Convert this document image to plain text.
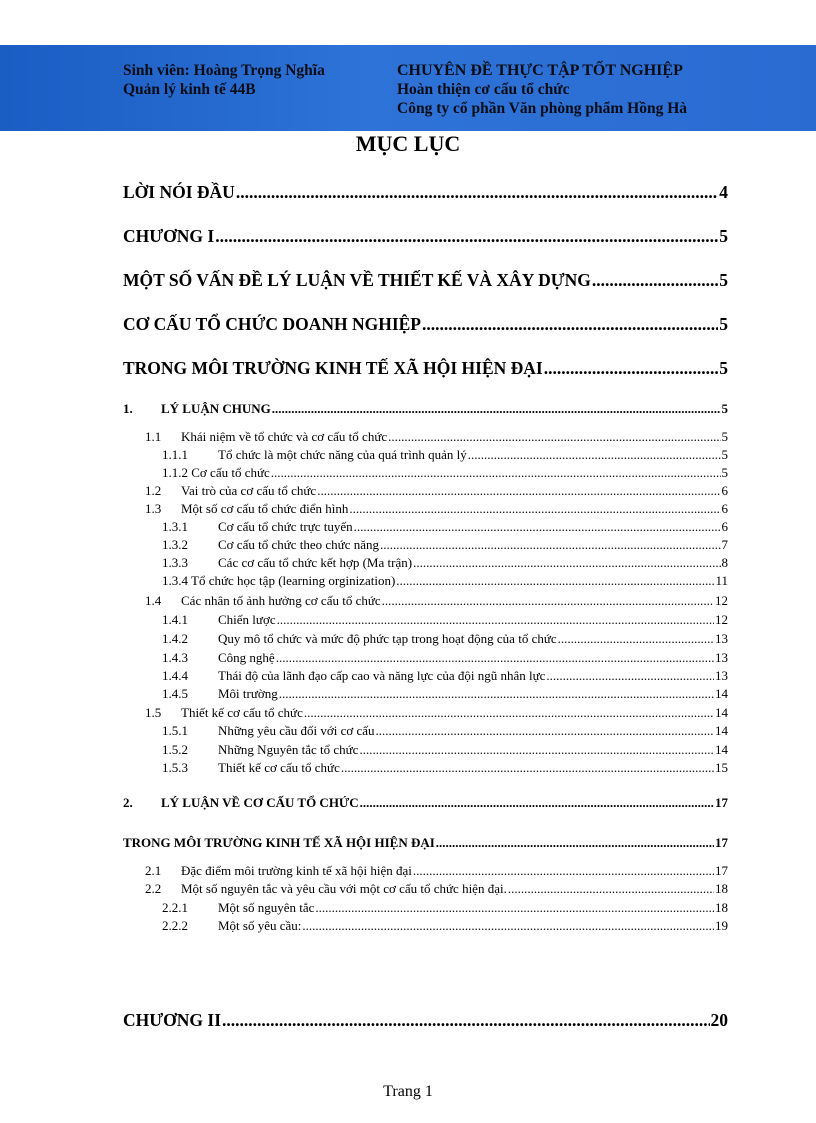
Sinh viên: Hoàng Trọng Nghĩa
Quản lý kinh tế 44B
CHUYÊN ĐỀ THỰC TẬP TỐT NGHIỆP
Hoàn thiện cơ cấu tổ chức
Công ty cổ phần Văn phòng phẩm Hồng Hà
MỤC LỤC
LỜI NÓI ĐẦU .....	4
CHƯƠNG I .....	5
MỘT SỐ VẤN ĐỀ LÝ LUẬN VỀ THIẾT KẾ VÀ XÂY DỰNG .....	5
CƠ CẤU TỔ CHỨC DOANH NGHIỆP .....	5
TRONG MÔI TRƯỜNG KINH TẾ XÃ HỘI HIỆN ĐẠI .....	5
1.	LÝ LUẬN CHUNG .....	5
1.1	Khái niệm về tổ chức và cơ cấu tổ chức .....	5
1.1.1	Tổ chức là một chức năng của quá trình quản lý .....	5
1.1.2 Cơ cấu tổ chức .....	5
1.2	Vai trò của cơ cấu tổ chức .....	6
1.3	Một số cơ cấu tổ chức điển hình .....	6
1.3.1	Cơ cấu tổ chức trực tuyến .....	6
1.3.2	Cơ cấu tổ chức theo chức năng .....	7
1.3.3	Các cơ cấu tổ chức kết hợp (Ma trận) .....	8
1.3.4 Tổ chức học tập (learning orginization) .....	11
1.4	Các nhân tố ảnh hưởng cơ cấu tổ chức .....	12
1.4.1	Chiến lược .....	12
1.4.2	Quy mô tổ chức và mức độ phức tạp trong hoạt động của tổ chức .....	13
1.4.3	Công nghệ .....	13
1.4.4	Thái độ của lãnh đạo cấp cao và năng lực của đội ngũ nhân lực .....	13
1.4.5	Môi trường .....	14
1.5	Thiết kế cơ cấu tổ chức .....	14
1.5.1	Những yêu cầu đối với cơ cấu .....	14
1.5.2	Những Nguyên tắc tổ chức .....	14
1.5.3	Thiết kế cơ cấu tổ chức .....	15
2.	LÝ LUẬN VỀ CƠ CẤU TỔ CHỨC .....	17
TRONG MÔI TRƯỜNG KINH TẾ XÃ HỘI HIỆN ĐẠI .....	17
2.1	Đặc điểm môi trường kinh tế xã hội hiện đại .....	17
2.2	Một số nguyên tắc và yêu cầu với một cơ cấu tổ chức hiện đại. .....	18
2.2.1	Một số nguyên tắc .....	18
2.2.2	Một số yêu cầu: .....	19
CHƯƠNG II .....	20
Trang 1
